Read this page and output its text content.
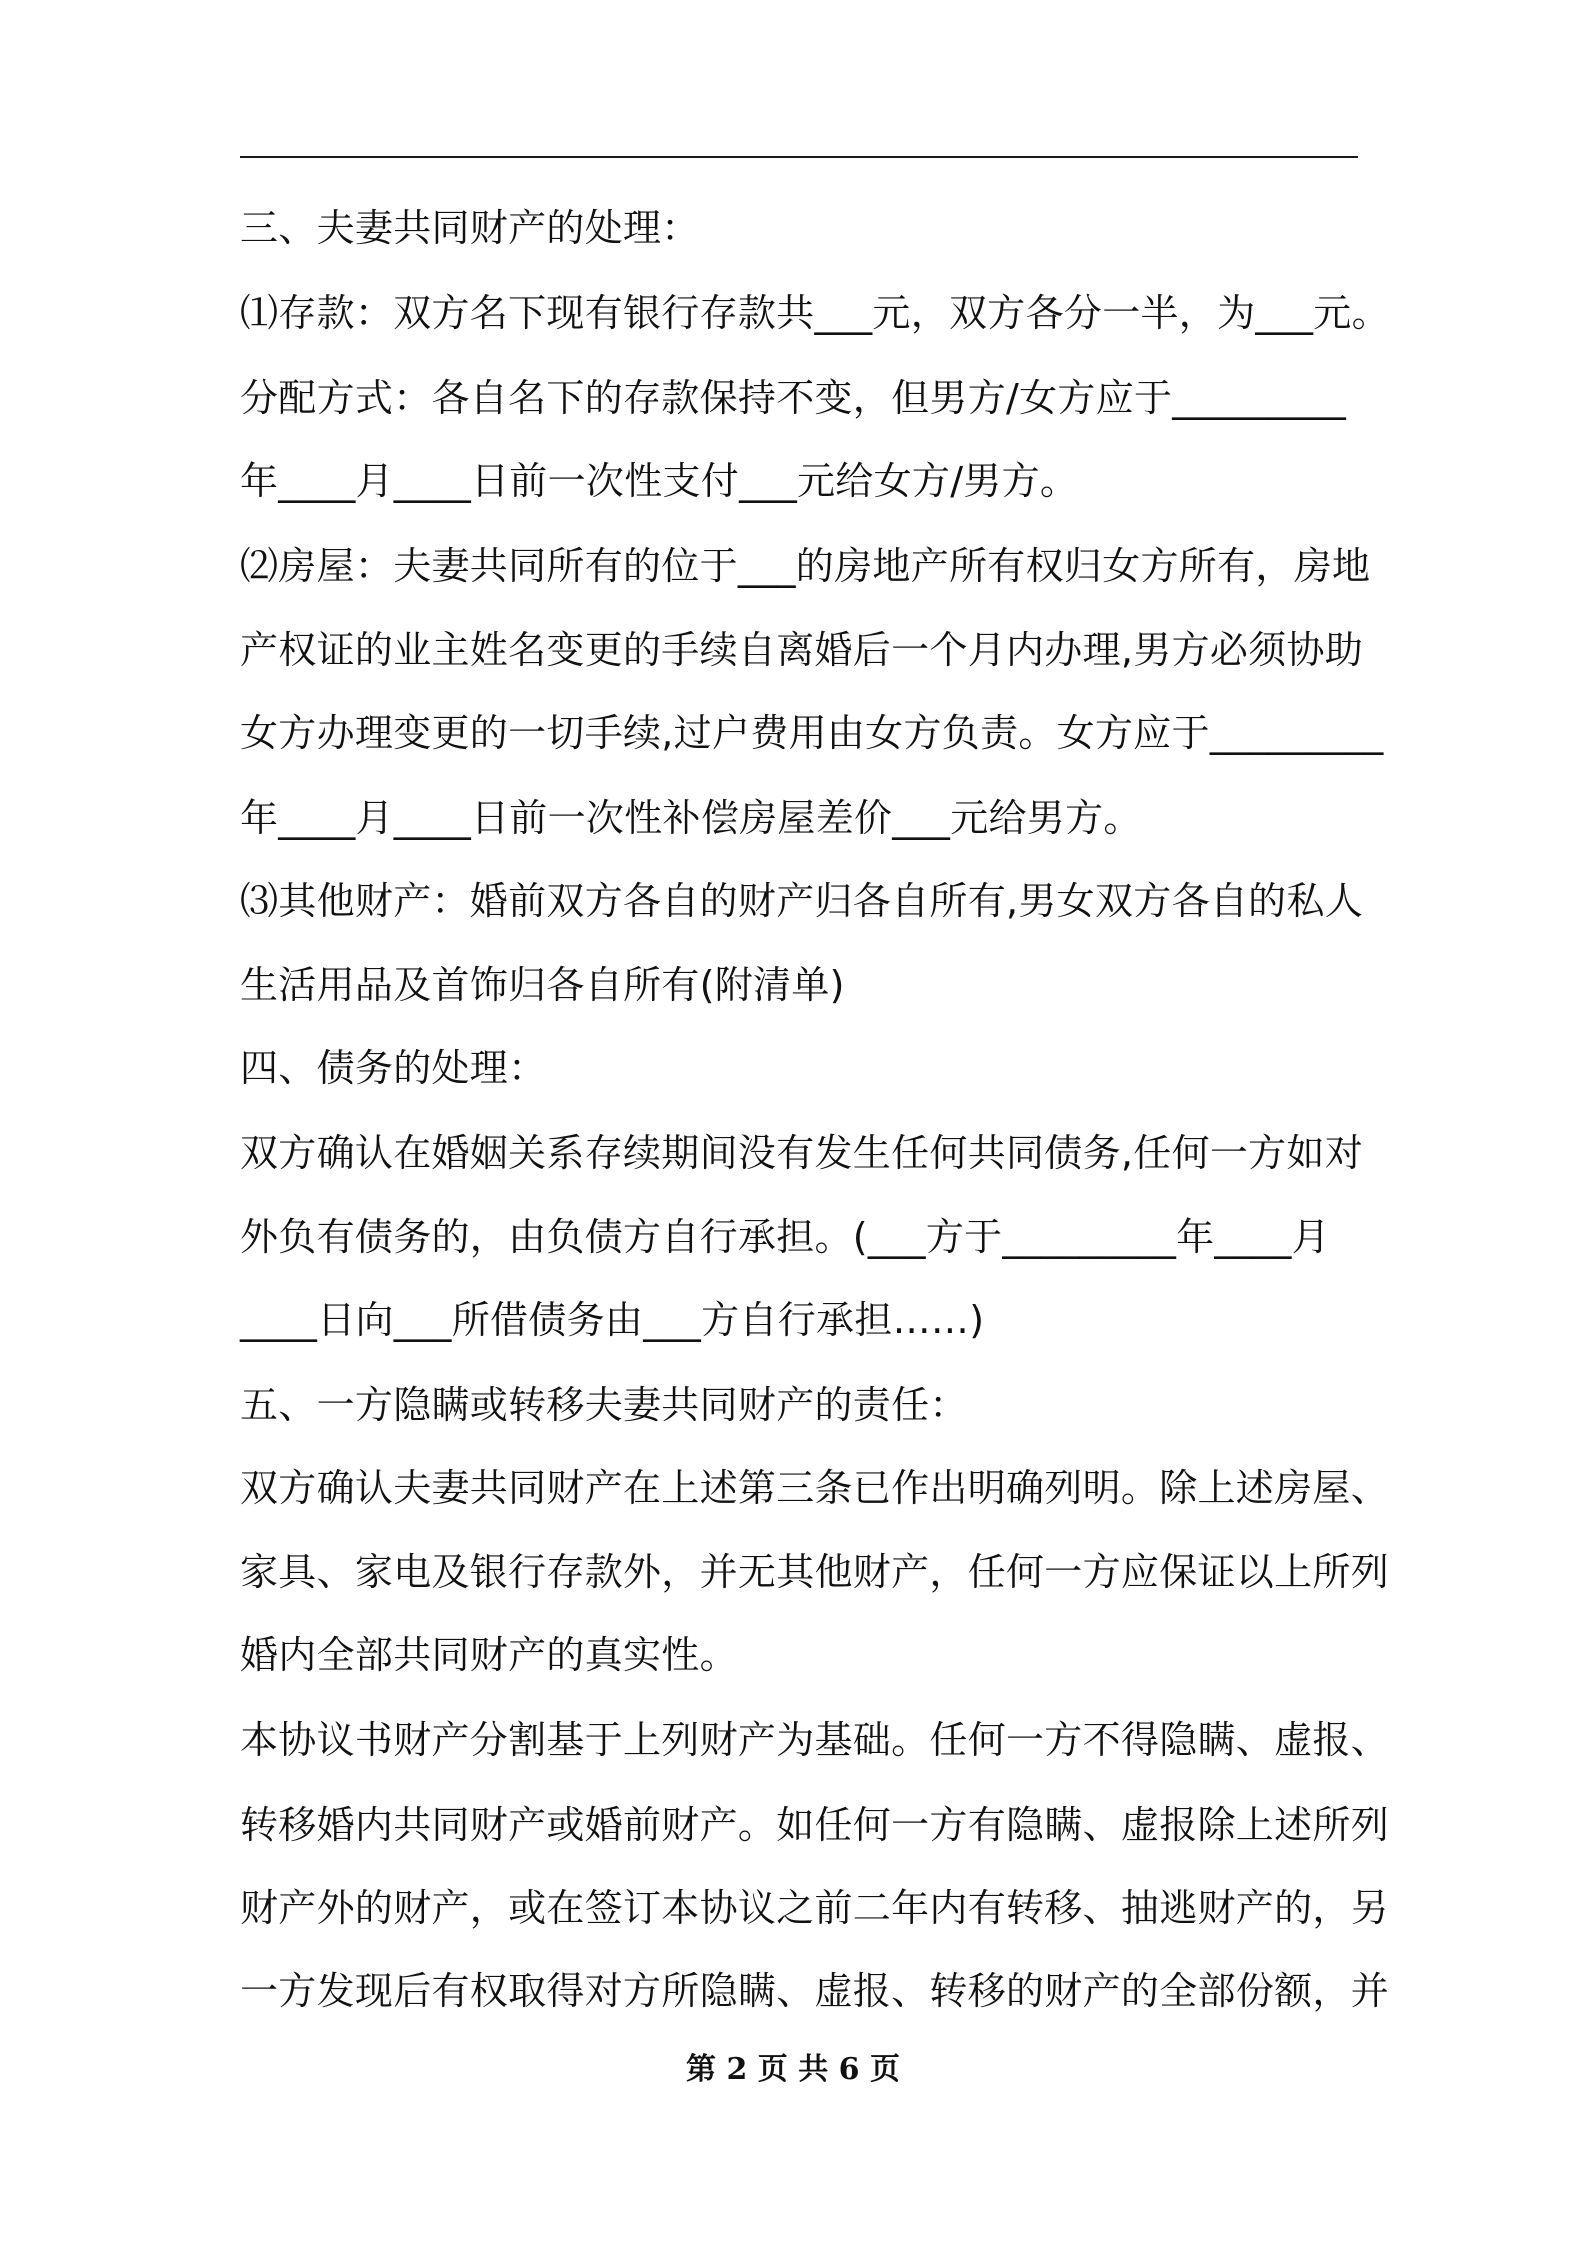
三、夫妻共同财产的处理：
⑴存款：双方名下现有银行存款共___元，双方各分一半，为___元。
分配方式：各自名下的存款保持不变，但男方/女方应于_________
年____月____日前一次性支付___元给女方/男方。
⑵房屋：夫妻共同所有的位于___的房地产所有权归女方所有，房地
产权证的业主姓名变更的手续自离婚后一个月内办理,男方必须协助
女方办理变更的一切手续,过户费用由女方负责。女方应于_________
年____月____日前一次性补偿房屋差价___元给男方。
⑶其他财产：婚前双方各自的财产归各自所有,男女双方各自的私人
生活用品及首饰归各自所有(附清单)
四、债务的处理：
双方确认在婚姻关系存续期间没有发生任何共同债务,任何一方如对
外负有债务的，由负债方自行承担。(___方于_________年____月
____日向___所借债务由___方自行承担……)
五、一方隐瞒或转移夫妻共同财产的责任：
双方确认夫妻共同财产在上述第三条已作出明确列明。除上述房屋、
家具、家电及银行存款外，并无其他财产，任何一方应保证以上所列
婚内全部共同财产的真实性。
本协议书财产分割基于上列财产为基础。任何一方不得隐瞒、虚报、
转移婚内共同财产或婚前财产。如任何一方有隐瞒、虚报除上述所列
财产外的财产，或在签订本协议之前二年内有转移、抽逃财产的，另
一方发现后有权取得对方所隐瞒、虚报、转移的财产的全部份额，并
第 2 页 共 6 页
